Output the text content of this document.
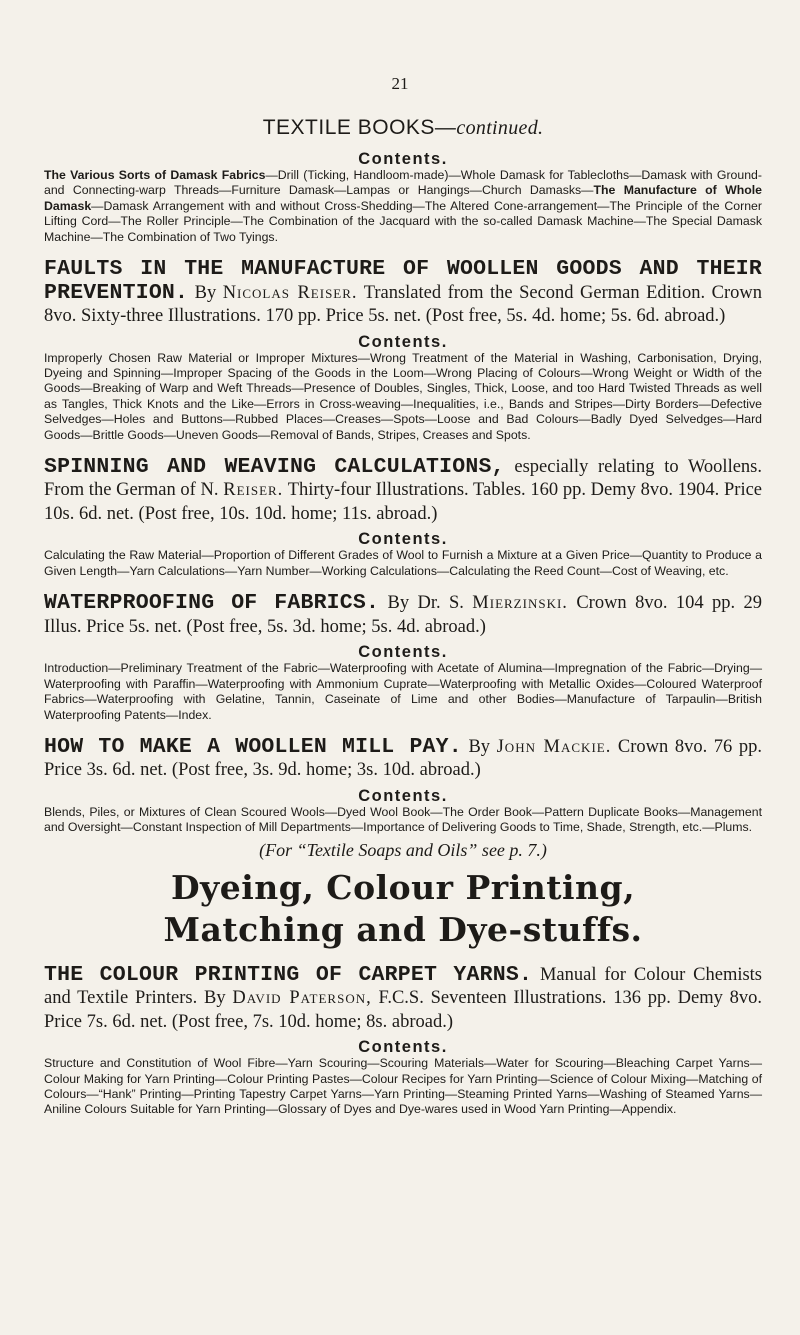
21
TEXTILE BOOKS—continued.
Contents.

The Various Sorts of Damask Fabrics—Drill (Ticking, Handloom-made)—Whole Damask for Tablecloths—Damask with Ground- and Connecting-warp Threads—Furniture Damask—Lampas or Hangings—Church Damasks—The Manufacture of Whole Damask—Damask Arrangement with and without Cross-Shedding—The Altered Cone-arrangement—The Principle of the Corner Lifting Cord—The Roller Principle—The Combination of the Jacquard with the so-called Damask Machine—The Special Damask Machine—The Combination of Two Tyings.

FAULTS IN THE MANUFACTURE OF WOOLLEN GOODS AND THEIR PREVENTION. By Nicolas Reiser. Translated from the Second German Edition. Crown 8vo. Sixty-three Illustrations. 170 pp. Price 5s. net. (Post free, 5s. 4d. home; 5s. 6d. abroad.)

Contents.

Improperly Chosen Raw Material or Improper Mixtures—Wrong Treatment of the Material in Washing, Carbonisation, Drying, Dyeing and Spinning—Improper Spacing of the Goods in the Loom—Wrong Placing of Colours—Wrong Weight or Width of the Goods—Breaking of Warp and Weft Threads—Presence of Doubles, Singles, Thick, Loose, and too Hard Twisted Threads as well as Tangles, Thick Knots and the Like—Errors in Cross-weaving—Inequalities, i.e., Bands and Stripes—Dirty Borders—Defective Selvedges—Holes and Buttons—Rubbed Places—Creases—Spots—Loose and Bad Colours—Badly Dyed Selvedges—Hard Goods—Brittle Goods—Uneven Goods—Removal of Bands, Stripes, Creases and Spots.

SPINNING AND WEAVING CALCULATIONS, especially relating to Woollens. From the German of N. Reiser. Thirty-four Illustrations. Tables. 160 pp. Demy 8vo. 1904. Price 10s. 6d. net. (Post free, 10s. 10d. home; 11s. abroad.)

Contents.

Calculating the Raw Material—Proportion of Different Grades of Wool to Furnish a Mixture at a Given Price—Quantity to Produce a Given Length—Yarn Calculations—Yarn Number—Working Calculations—Calculating the Reed Count—Cost of Weaving, etc.

WATERPROOFING OF FABRICS. By Dr. S. Mierzinski. Crown 8vo. 104 pp. 29 Illus. Price 5s. net. (Post free, 5s. 3d. home; 5s. 4d. abroad.)

Contents.

Introduction—Preliminary Treatment of the Fabric—Waterproofing with Acetate of Alumina—Impregnation of the Fabric—Drying—Waterproofing with Paraffin—Waterproofing with Ammonium Cuprate—Waterproofing with Metallic Oxides—Coloured Waterproof Fabrics—Waterproofing with Gelatine, Tannin, Caseinate of Lime and other Bodies—Manufacture of Tarpaulin—British Waterproofing Patents—Index.

HOW TO MAKE A WOOLLEN MILL PAY. By John Mackie. Crown 8vo. 76 pp. Price 3s. 6d. net. (Post free, 3s. 9d. home; 3s. 10d. abroad.)

Contents.

Blends, Piles, or Mixtures of Clean Scoured Wools—Dyed Wool Book—The Order Book—Pattern Duplicate Books—Management and Oversight—Constant Inspection of Mill Departments—Importance of Delivering Goods to Time, Shade, Strength, etc.—Plums.

(For “Textile Soaps and Oils” see p. 7.)

Dyeing, Colour Printing,
Matching and Dye-stuffs.

THE COLOUR PRINTING OF CARPET YARNS. Manual for Colour Chemists and Textile Printers. By David Paterson, F.C.S. Seventeen Illustrations. 136 pp. Demy 8vo. Price 7s. 6d. net. (Post free, 7s. 10d. home; 8s. abroad.)

Contents.

Structure and Constitution of Wool Fibre—Yarn Scouring—Scouring Materials—Water for Scouring—Bleaching Carpet Yarns—Colour Making for Yarn Printing—Colour Printing Pastes—Colour Recipes for Yarn Printing—Science of Colour Mixing—Matching of Colours—“Hank” Printing—Printing Tapestry Carpet Yarns—Yarn Printing—Steaming Printed Yarns—Washing of Steamed Yarns—Aniline Colours Suitable for Yarn Printing—Glossary of Dyes and Dye-wares used in Wood Yarn Printing—Appendix.
